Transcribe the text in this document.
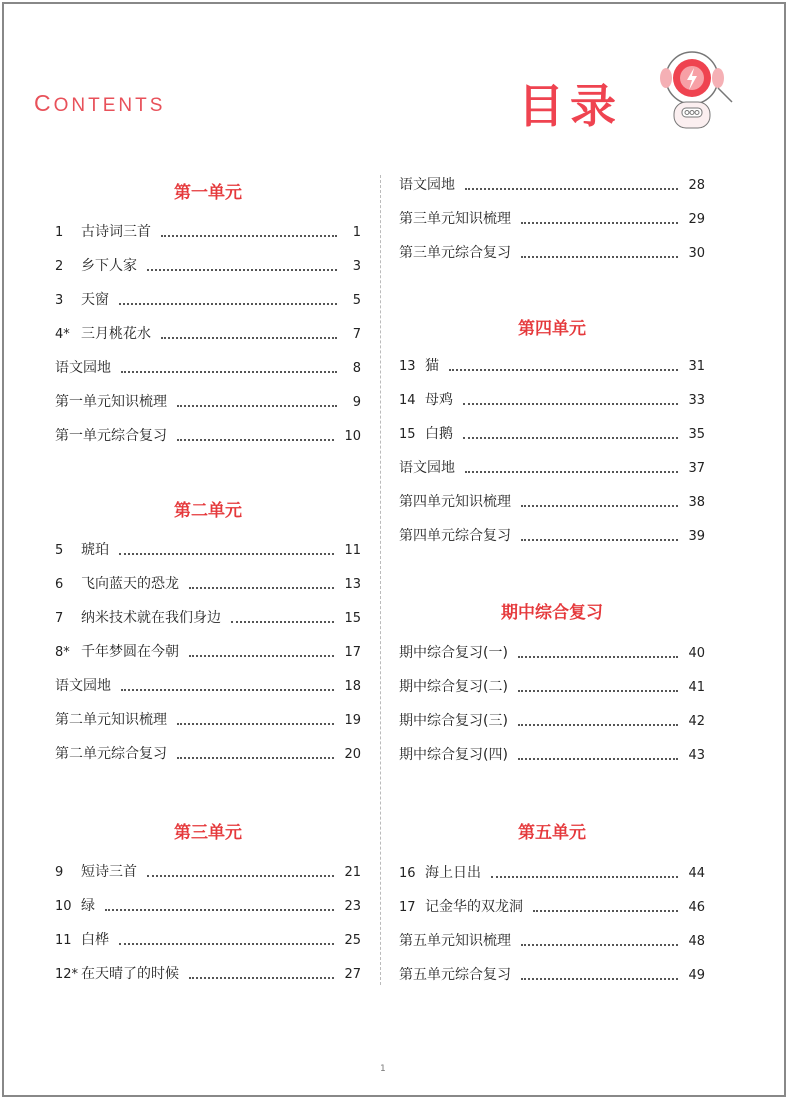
CONTENTS	目录
第一单元
1	古诗词三首	1
2	乡下人家	3
3	天窗	5
4* 三月桃花水	7
语文园地	8
第一单元知识梳理	9
第一单元综合复习	10
第二单元
5	琥珀	11
6	飞向蓝天的恐龙	13
7	纳米技术就在我们身边	15
8* 千年梦圆在今朝	17
语文园地	18
第二单元知识梳理	19
第二单元综合复习	20
第三单元
9	短诗三首	21
10 绿	23
11 白桦	25
12* 在天晴了的时候	27
语文园地	28
第三单元知识梳理	29
第三单元综合复习	30
第四单元
13 猫	31
14 母鸡	33
15 白鹅	35
语文园地	37
第四单元知识梳理	38
第四单元综合复习	39
期中综合复习
期中综合复习(一)	40
期中综合复习(二)	41
期中综合复习(三)	42
期中综合复习(四)	43
第五单元
16 海上日出	44
17 记金华的双龙洞	46
第五单元知识梳理	48
第五单元综合复习	49
1
